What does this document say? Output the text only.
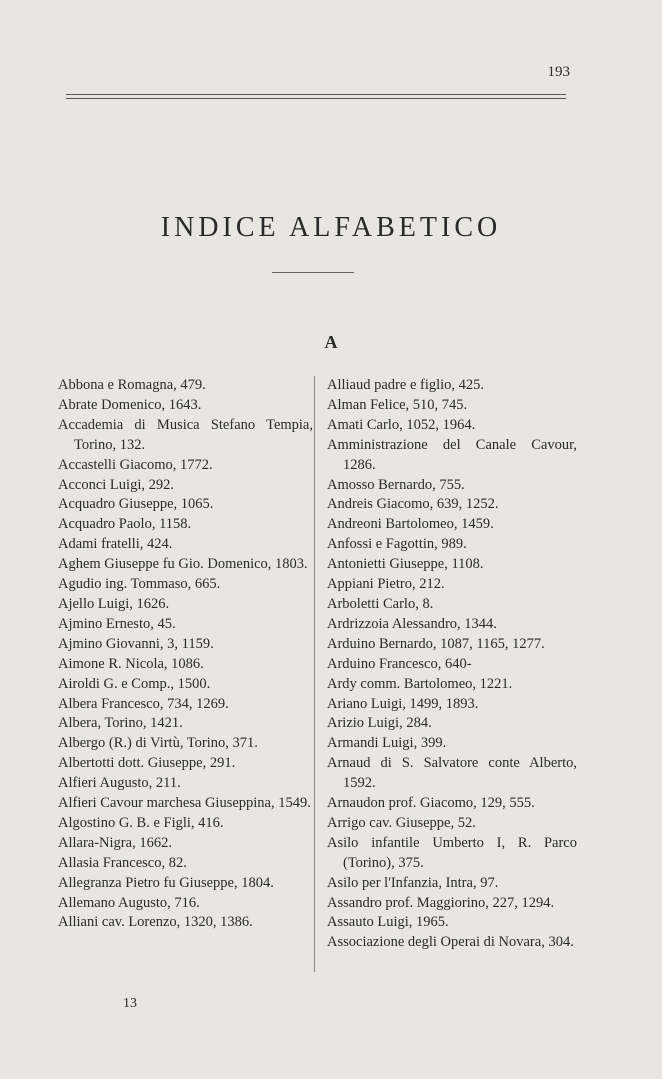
193
INDICE ALFABETICO
A
Abbona e Romagna, 479.
Abrate Domenico, 1643.
Accademia di Musica Stefano Tempia, Torino, 132.
Accastelli Giacomo, 1772.
Acconci Luigi, 292.
Acquadro Giuseppe, 1065.
Acquadro Paolo, 1158.
Adami fratelli, 424.
Aghem Giuseppe fu Gio. Domenico, 1803.
Agudio ing. Tommaso, 665.
Ajello Luigi, 1626.
Ajmino Ernesto, 45.
Ajmino Giovanni, 3, 1159.
Aimone R. Nicola, 1086.
Airoldi G. e Comp., 1500.
Albera Francesco, 734, 1269.
Albera, Torino, 1421.
Albergo (R.) di Virtù, Torino, 371.
Albertotti dott. Giuseppe, 291.
Alfieri Augusto, 211.
Alfieri Cavour marchesa Giuseppina, 1549.
Algostino G. B. e Figli, 416.
Allara-Nigra, 1662.
Allasia Francesco, 82.
Allegranza Pietro fu Giuseppe, 1804.
Allemano Augusto, 716.
Alliani cav. Lorenzo, 1320, 1386.
Alliaud padre e figlio, 425.
Alman Felice, 510, 745.
Amati Carlo, 1052, 1964.
Amministrazione del Canale Cavour, 1286.
Amosso Bernardo, 755.
Andreis Giacomo, 639, 1252.
Andreoni Bartolomeo, 1459.
Anfossi e Fagottin, 989.
Antonietti Giuseppe, 1108.
Appiani Pietro, 212.
Arboletti Carlo, 8.
Ardrizzoia Alessandro, 1344.
Arduino Bernardo, 1087, 1165, 1277.
Arduino Francesco, 640-
Ardy comm. Bartolomeo, 1221.
Ariano Luigi, 1499, 1893.
Arizio Luigi, 284.
Armandi Luigi, 399.
Arnaud di S. Salvatore conte Alberto, 1592.
Arnaudon prof. Giacomo, 129, 555.
Arrigo cav. Giuseppe, 52.
Asilo infantile Umberto I, R. Parco (Torino), 375.
Asilo per l'Infanzia, Intra, 97.
Assandro prof. Maggiorino, 227, 1294.
Assauto Luigi, 1965.
Associazione degli Operai di Novara, 304.
13
